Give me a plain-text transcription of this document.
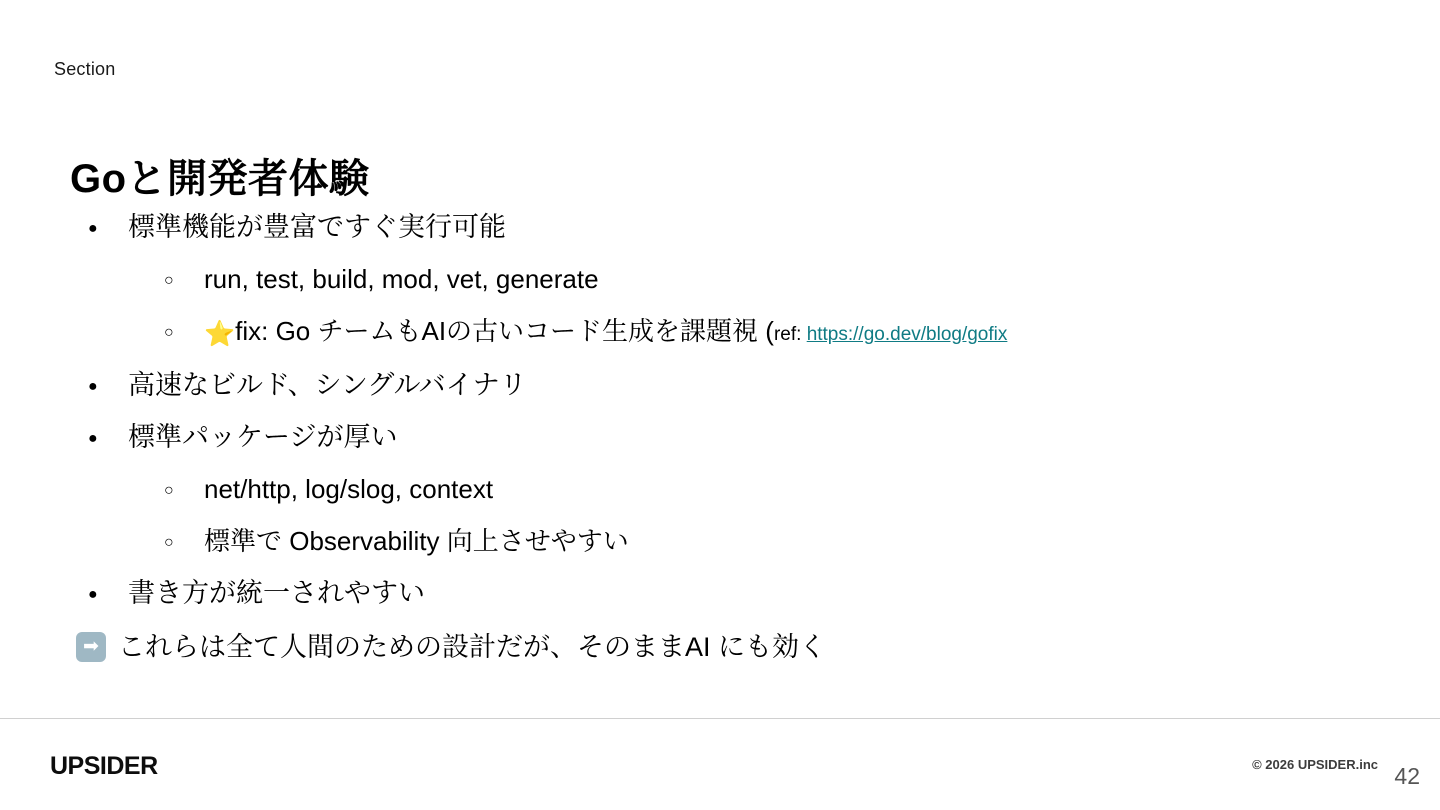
Section
Goと開発者体験
●
標準機能が豊富ですぐ実行可能
○
run, test, build, mod, vet, generate
○
⭐fix: Go チームもAIの古いコード生成を課題視 (ref: https://go.dev/blog/gofix
●
高速なビルド、シングルバイナリ
●
標準パッケージが厚い
○
net/http, log/slog, context
○
標準で Observability 向上させやすい
●
書き方が統一されやすい
➡ これらは全て人間のための設計だが、そのままAI にも効く
UPSIDER	© 2026 UPSIDER.inc 42
